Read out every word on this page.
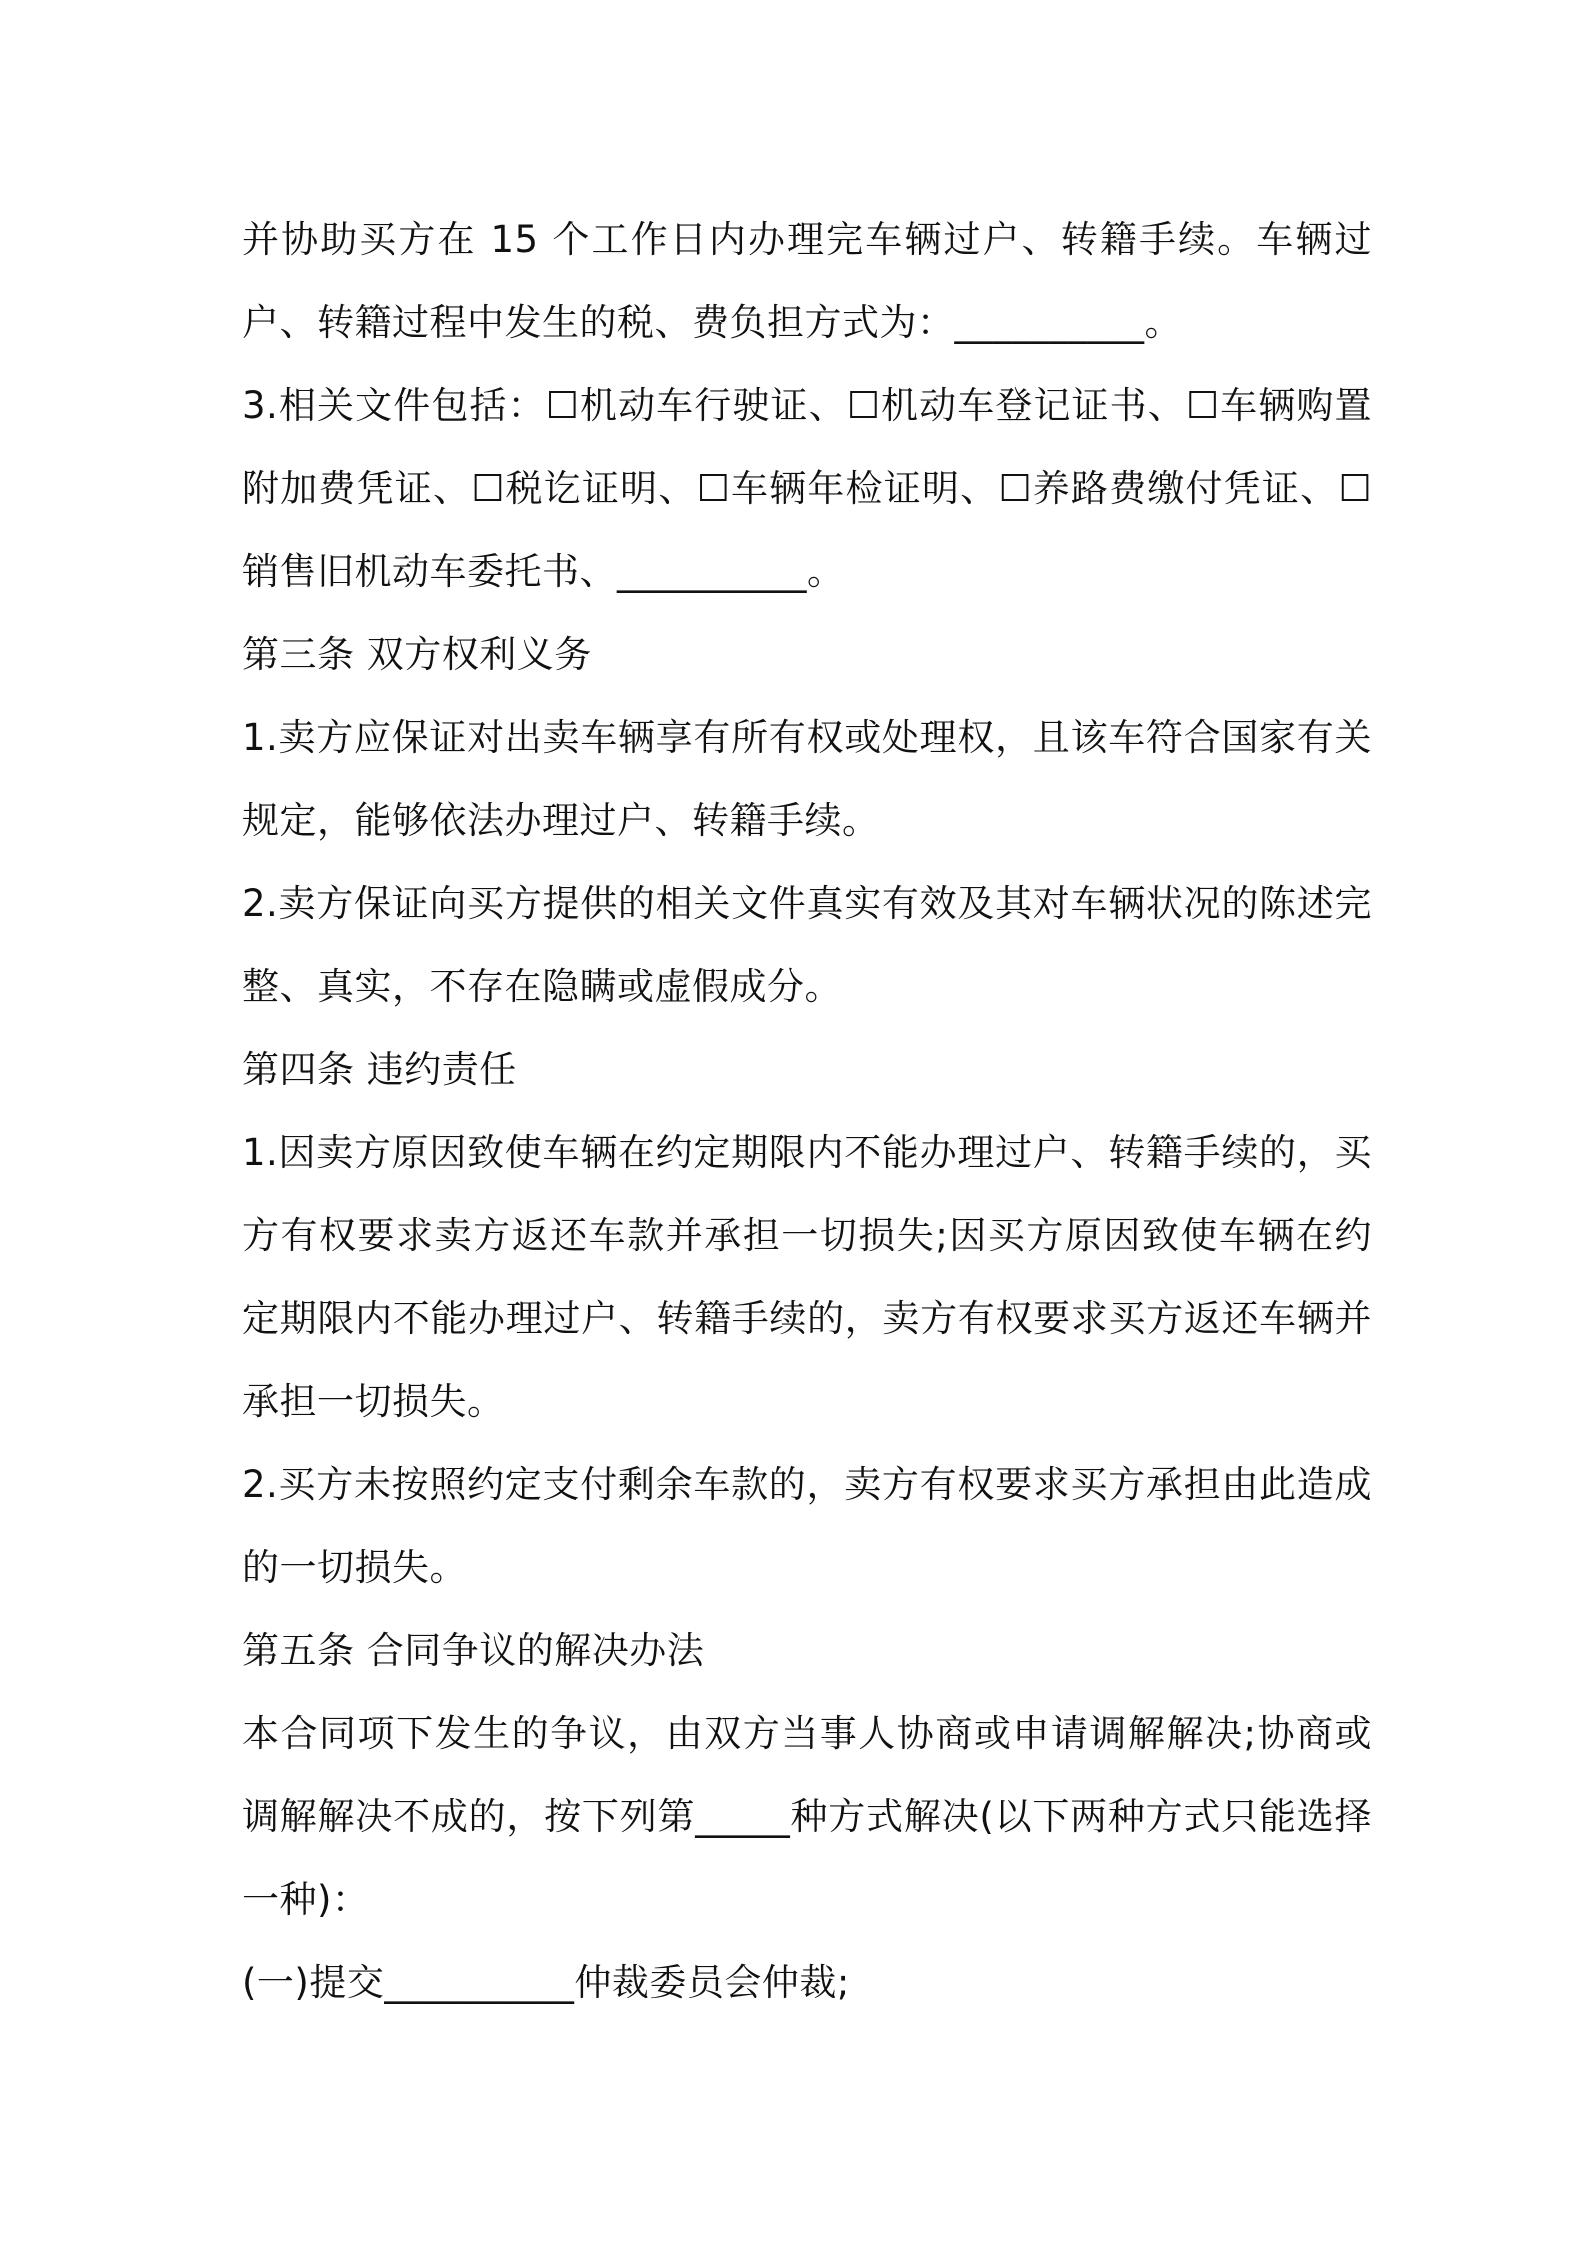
并协助买方在 15 个工作日内办理完车辆过户、转籍手续。车辆过户、转籍过程中发生的税、费负担方式为：__________。

3.相关文件包括：☐机动车行驶证、☐机动车登记证书、☐车辆购置附加费凭证、☐税讫证明、☐车辆年检证明、☐养路费缴付凭证、☐销售旧机动车委托书、__________。

第三条 双方权利义务

1.卖方应保证对出卖车辆享有所有权或处理权，且该车符合国家有关规定，能够依法办理过户、转籍手续。

2.卖方保证向买方提供的相关文件真实有效及其对车辆状况的陈述完整、真实，不存在隐瞒或虚假成分。

第四条 违约责任

1.因卖方原因致使车辆在约定期限内不能办理过户、转籍手续的，买方有权要求卖方返还车款并承担一切损失;因买方原因致使车辆在约定期限内不能办理过户、转籍手续的，卖方有权要求买方返还车辆并承担一切损失。

2.买方未按照约定支付剩余车款的，卖方有权要求买方承担由此造成的一切损失。

第五条 合同争议的解决办法

本合同项下发生的争议，由双方当事人协商或申请调解解决;协商或调解解决不成的，按下列第_____种方式解决(以下两种方式只能选择一种)：

(一)提交__________仲裁委员会仲裁;
